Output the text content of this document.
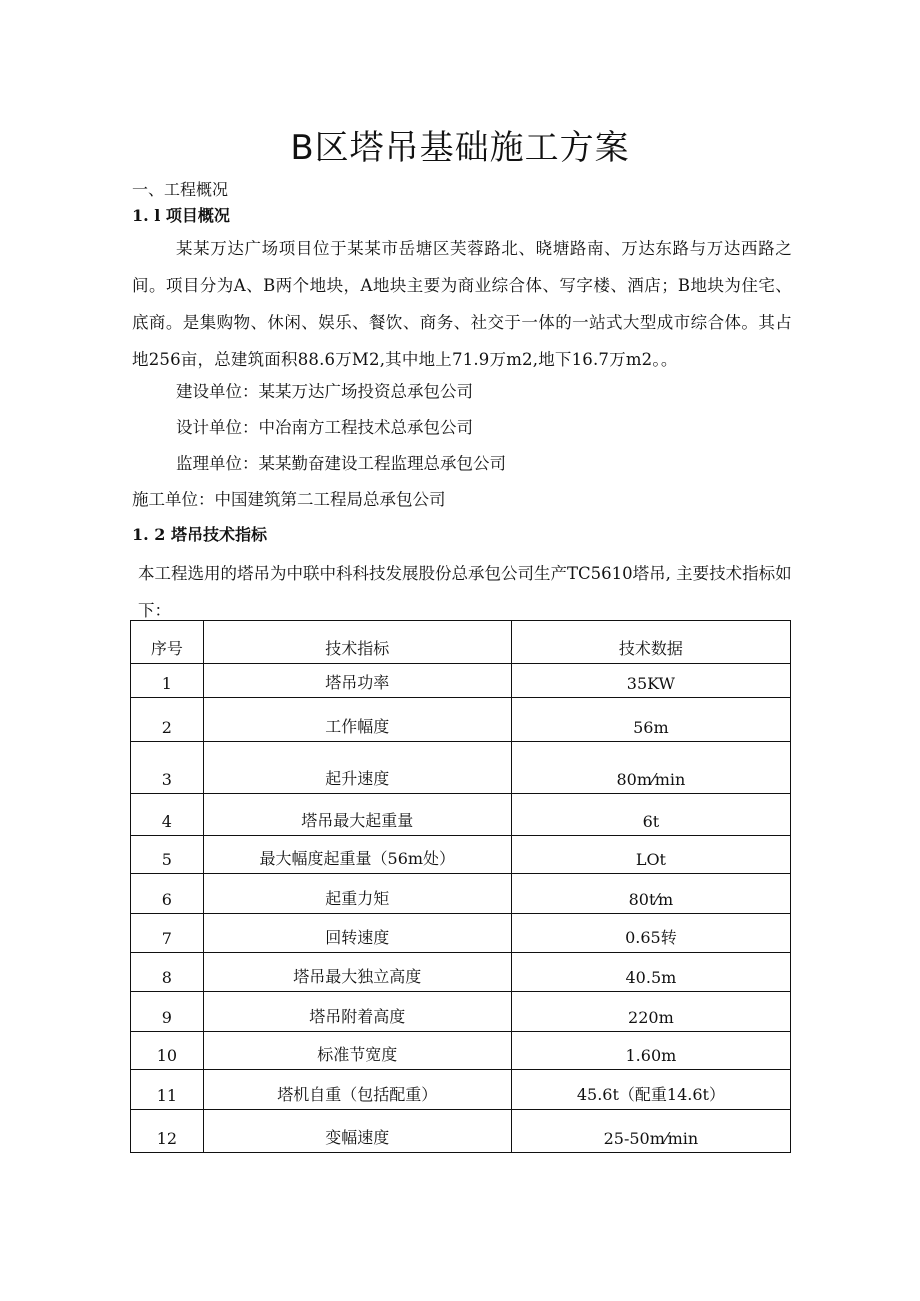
B区塔吊基础施工方案
一、工程概况
1. l 项目概况
某某万达广场项目位于某某市岳塘区芙蓉路北、晓塘路南、万达东路与万达西路之间。项目分为A、B两个地块，A地块主要为商业综合体、写字楼、酒店；B地块为住宅、底商。是集购物、休闲、娱乐、餐饮、商务、社交于一体的一站式大型成市综合体。其占地256亩，总建筑面积88.6万M2,其中地上71.9万m2,地下16.7万m2。。
建设单位：某某万达广场投资总承包公司
设计单位：中冶南方工程技术总承包公司
监理单位：某某勤奋建设工程监理总承包公司
施工单位：中国建筑第二工程局总承包公司
1. 2 塔吊技术指标
本工程选用的塔吊为中联中科科技发展股份总承包公司生产TC5610塔吊, 主要技术指标如下：
序号	技术指标	技术数据
1	塔吊功率	35KW
2	工作幅度	56m
3	起升速度	80m⁄min
4	塔吊最大起重量	6t
5	最大幅度起重量（56m处）	LOt
6	起重力矩	80t⁄m
7	回转速度	0.65转
8	塔吊最大独立高度	40.5m
9	塔吊附着高度	220m
10	标准节宽度	1.60m
11	塔机自重（包括配重）	45.6t（配重14.6t）
12	变幅速度	25-50m⁄min
